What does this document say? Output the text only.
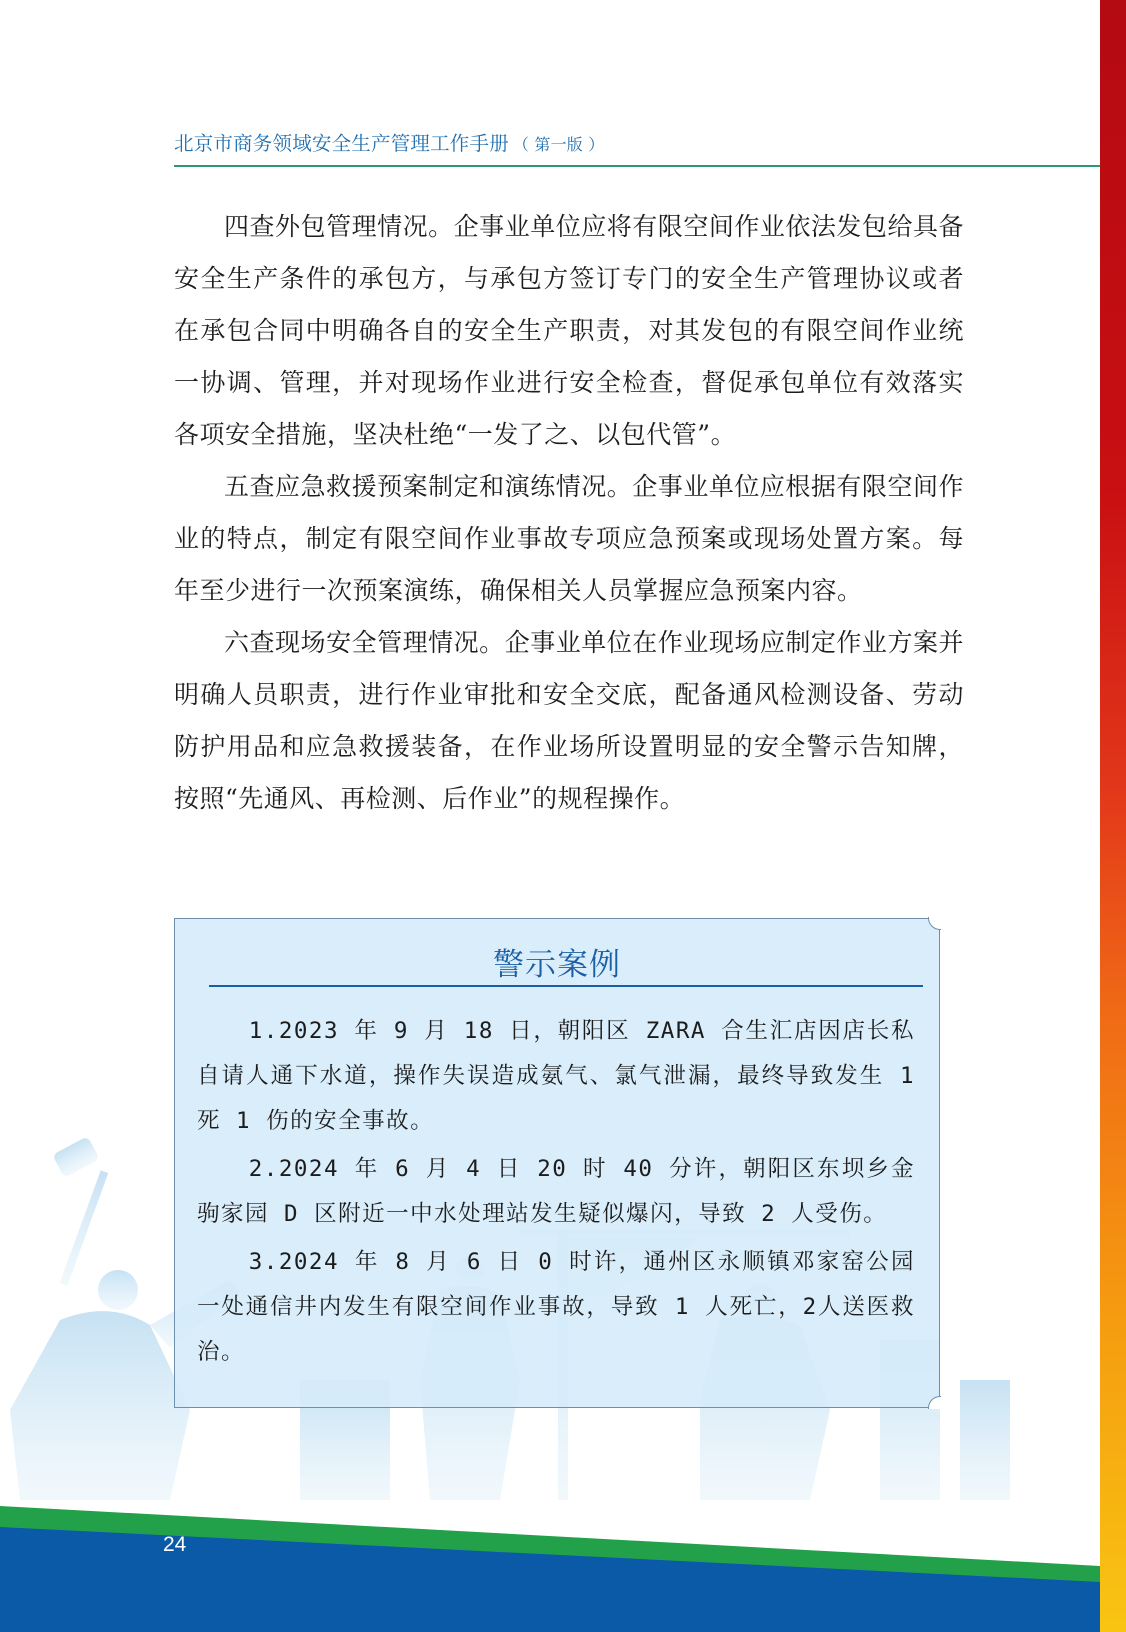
北京市商务领域安全生产管理工作手册 （ 第一版 ）

四查外包管理情况。企事业单位应将有限空间作业依法发包给具备安全生产条件的承包方，与承包方签订专门的安全生产管理协议或者在承包合同中明确各自的安全生产职责，对其发包的有限空间作业统一协调、管理，并对现场作业进行安全检查，督促承包单位有效落实各项安全措施，坚决杜绝“一发了之、以包代管”。

五查应急救援预案制定和演练情况。企事业单位应根据有限空间作业的特点，制定有限空间作业事故专项应急预案或现场处置方案。每年至少进行一次预案演练，确保相关人员掌握应急预案内容。

六查现场安全管理情况。企事业单位在作业现场应制定作业方案并明确人员职责，进行作业审批和安全交底，配备通风检测设备、劳动防护用品和应急救援装备，在作业场所设置明显的安全警示告知牌，按照“先通风、再检测、后作业”的规程操作。

警示案例

1.2023 年 9 月 18 日，朝阳区 ZARA 合生汇店因店长私自请人通下水道，操作失误造成氨气、氯气泄漏，最终导致发生 1 死 1 伤的安全事故。

2.2024 年 6 月 4 日 20 时 40 分许，朝阳区东坝乡金驹家园 D 区附近一中水处理站发生疑似爆闪，导致 2 人受伤。

3.2024 年 8 月 6 日 0 时许，通州区永顺镇邓家窑公园一处通信井内发生有限空间作业事故，导致 1 人死亡，2人送医救治。

24
